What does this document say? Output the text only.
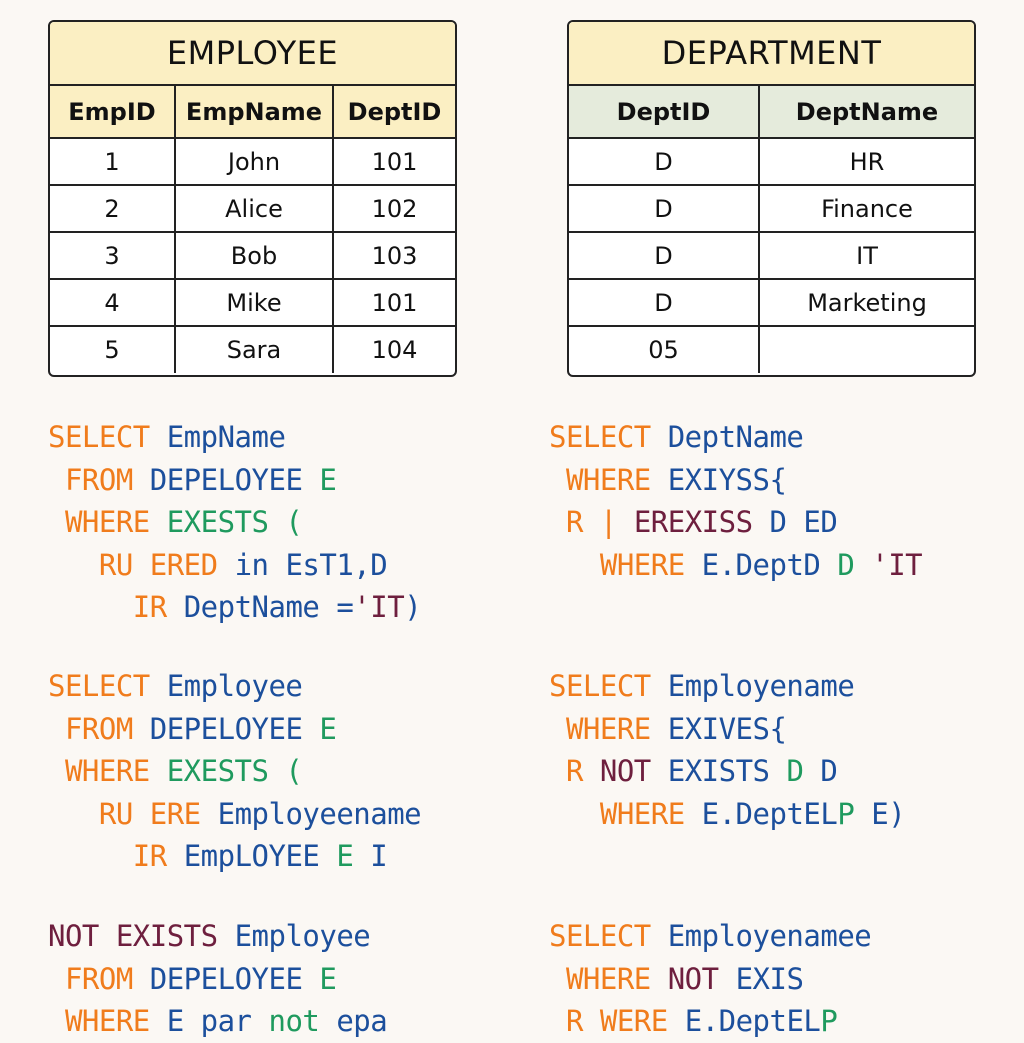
EMPLOYEE
EmpID	EmpName	DeptID
1	John	101
2	Alice	102
3	Bob	103
4	Mike	101
5	Sara	104
DEPARTMENT
DeptID	DeptName
D	HR
D	Finance
D	IT
D	Marketing
05	
SELECT EmpName
FROM DEPELOYEE E
WHERE EXESTS (
RU ERED in EsT1,D
IR DeptName ='IT)
SELECT DeptName
WHERE EXIYSS{
R | EREXISS D ED
WHERE E.DeptD D 'IT
SELECT Employee
FROM DEPELOYEE E
WHERE EXESTS (
RU ERE Employeename
IR EmpLOYEE E I
SELECT Employename
WHERE EXIVES{
R NOT EXISTS D D
WHERE E.DeptELP E)
NOT EXISTS Employee
FROM DEPELOYEE E
WHERE E par not epa
SELECT Employenamee
WHERE NOT EXIS
R WERE E.DeptELP
